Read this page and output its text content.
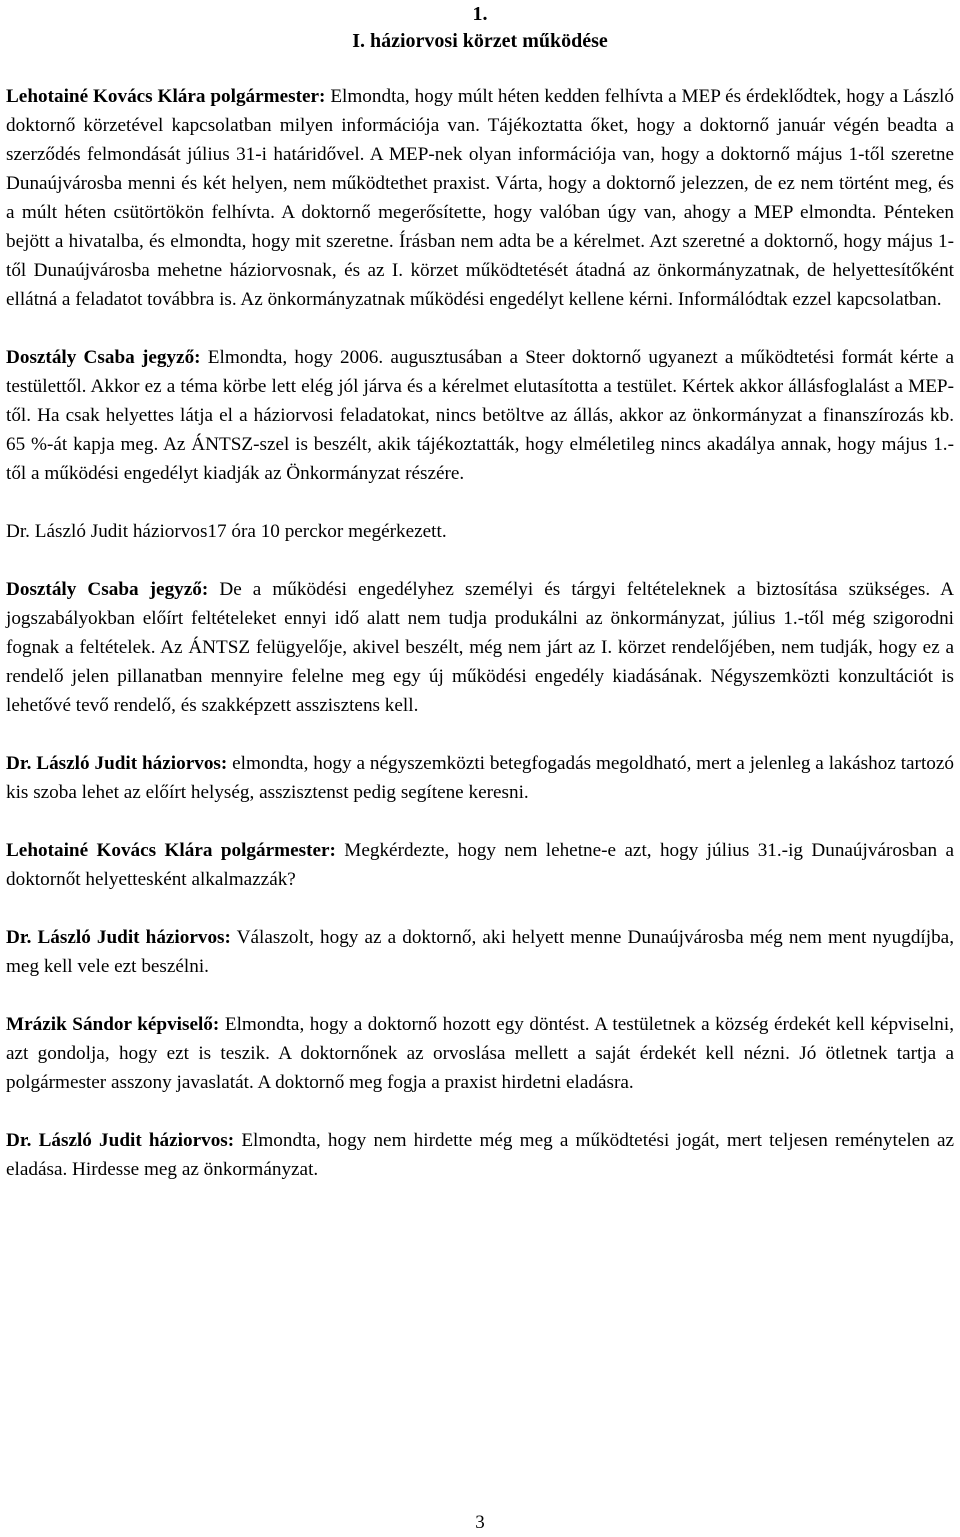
1.
I. háziorvosi körzet működése

Lehotainé Kovács Klára polgármester: Elmondta, hogy múlt héten kedden felhívta a MEP és érdeklődtek, hogy a László doktornő körzetével kapcsolatban milyen információja van. Tájékoztatta őket, hogy a doktornő január végén beadta a szerződés felmondását július 31-i határidővel. A MEP-nek olyan információja van, hogy a doktornő május 1-től szeretne Dunaújvárosba menni és két helyen, nem működtethet praxist. Várta, hogy a doktornő jelezzen, de ez nem történt meg, és a múlt héten csütörtökön felhívta. A doktornő megerősítette, hogy valóban úgy van, ahogy a MEP elmondta. Pénteken bejött a hivatalba, és elmondta, hogy mit szeretne. Írásban nem adta be a kérelmet. Azt szeretné a doktornő, hogy május 1-től Dunaújvárosba mehetne háziorvosnak, és az I. körzet működtetését átadná az önkormányzatnak, de helyettesítőként ellátná a feladatot továbbra is. Az önkormányzatnak működési engedélyt kellene kérni. Informálódtak ezzel kapcsolatban.

Dosztály Csaba jegyző: Elmondta, hogy 2006. augusztusában a Steer doktornő ugyanezt a működtetési formát kérte a testülettől. Akkor ez a téma körbe lett elég jól járva és a kérelmet elutasította a testület. Kértek akkor állásfoglalást a MEP-től. Ha csak helyettes látja el a háziorvosi feladatokat, nincs betöltve az állás, akkor az önkormányzat a finanszírozás kb. 65 %-át kapja meg. Az ÁNTSZ-szel is beszélt, akik tájékoztatták, hogy elméletileg nincs akadálya annak, hogy május 1.-től a működési engedélyt kiadják az Önkormányzat részére.

Dr. László Judit háziorvos17 óra 10 perckor megérkezett.

Dosztály Csaba jegyző: De a működési engedélyhez személyi és tárgyi feltételeknek a biztosítása szükséges. A jogszabályokban előírt feltételeket ennyi idő alatt nem tudja produkálni az önkormányzat, július 1.-től még szigorodni fognak a feltételek. Az ÁNTSZ felügyelője, akivel beszélt, még nem járt az I. körzet rendelőjében, nem tudják, hogy ez a rendelő jelen pillanatban mennyire felelne meg egy új működési engedély kiadásának. Négyszemközti konzultációt is lehetővé tevő rendelő, és szakképzett asszisztens kell.

Dr. László Judit háziorvos: elmondta, hogy a négyszemközti betegfogadás megoldható, mert a jelenleg a lakáshoz tartozó kis szoba lehet az előírt helység, asszisztenst pedig segítene keresni.

Lehotainé Kovács Klára polgármester: Megkérdezte, hogy nem lehetne-e azt, hogy július 31.-ig Dunaújvárosban a doktornőt helyettesként alkalmazzák?

Dr. László Judit háziorvos: Válaszolt, hogy az a doktornő, aki helyett menne Dunaújvárosba még nem ment nyugdíjba, meg kell vele ezt beszélni.

Mrázik Sándor képviselő: Elmondta, hogy a doktornő hozott egy döntést. A testületnek a község érdekét kell képviselni, azt gondolja, hogy ezt is teszik. A doktornőnek az orvoslása mellett a saját érdekét kell nézni. Jó ötletnek tartja a polgármester asszony javaslatát. A doktornő meg fogja a praxist hirdetni eladásra.

Dr. László Judit háziorvos: Elmondta, hogy nem hirdette még meg a működtetési jogát, mert teljesen reménytelen az eladása. Hirdesse meg az önkormányzat.

3
